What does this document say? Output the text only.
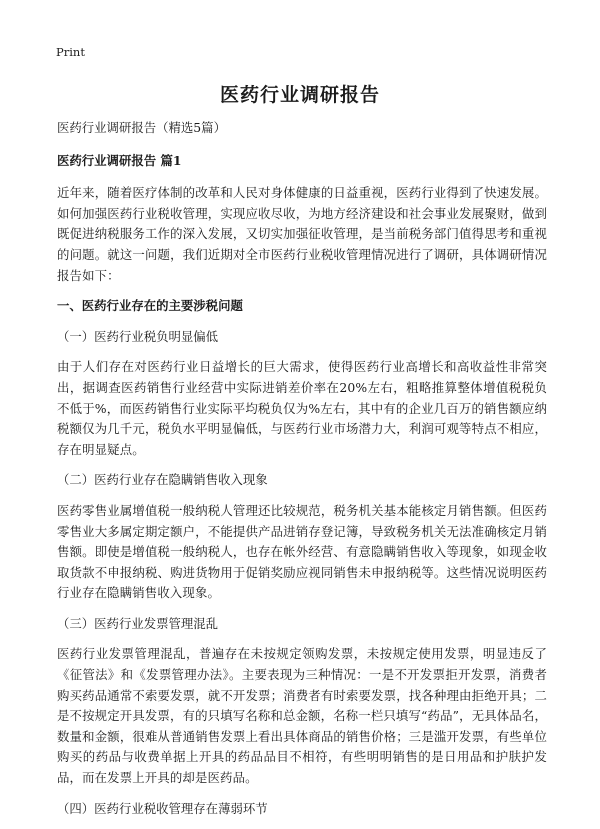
Print
医药行业调研报告

医药行业调研报告（精选5篇）

医药行业调研报告 篇1

近年来，随着医疗体制的改革和人民对身体健康的日益重视，医药行业得到了快速发展。如何加强医药行业税收管理，实现应收尽收，为地方经济建设和社会事业发展聚财，做到既促进纳税服务工作的深入发展，又切实加强征收管理，是当前税务部门值得思考和重视的问题。就这一问题，我们近期对全市医药行业税收管理情况进行了调研，具体调研情况报告如下：

一、医药行业存在的主要涉税问题

（一）医药行业税负明显偏低

由于人们存在对医药行业日益增长的巨大需求，使得医药行业高增长和高收益性非常突出，据调查医药销售行业经营中实际进销差价率在20%左右，粗略推算整体增值税税负不低于%，而医药销售行业实际平均税负仅为%左右，其中有的企业几百万的销售额应纳税额仅为几千元，税负水平明显偏低，与医药行业市场潜力大，利润可观等特点不相应，存在明显疑点。

（二）医药行业存在隐瞒销售收入现象

医药零售业属增值税一般纳税人管理还比较规范，税务机关基本能核定月销售额。但医药零售业大多属定期定额户，不能提供产品进销存登记簿，导致税务机关无法准确核定月销售额。即使是增值税一般纳税人，也存在帐外经营、有意隐瞒销售收入等现象，如现金收取货款不申报纳税、购进货物用于促销奖励应视同销售未申报纳税等。这些情况说明医药行业存在隐瞒销售收入现象。

（三）医药行业发票管理混乱

医药行业发票管理混乱，普遍存在未按规定领购发票，未按规定使用发票，明显违反了《征管法》和《发票管理办法》。主要表现为三种情况：一是不开发票拒开发票，消费者购买药品通常不索要发票，就不开发票；消费者有时索要发票，找各种理由拒绝开具；二是不按规定开具发票，有的只填写名称和总金额，名称一栏只填写“药品”，无具体品名，数量和金额，很难从普通销售发票上看出具体商品的销售价格；三是滥开发票，有些单位购买的药品与收费单据上开具的药品品目不相符，有些明明销售的是日用品和护肤护发品，而在发票上开具的却是医药品。

（四）医药行业税收管理存在薄弱环节
